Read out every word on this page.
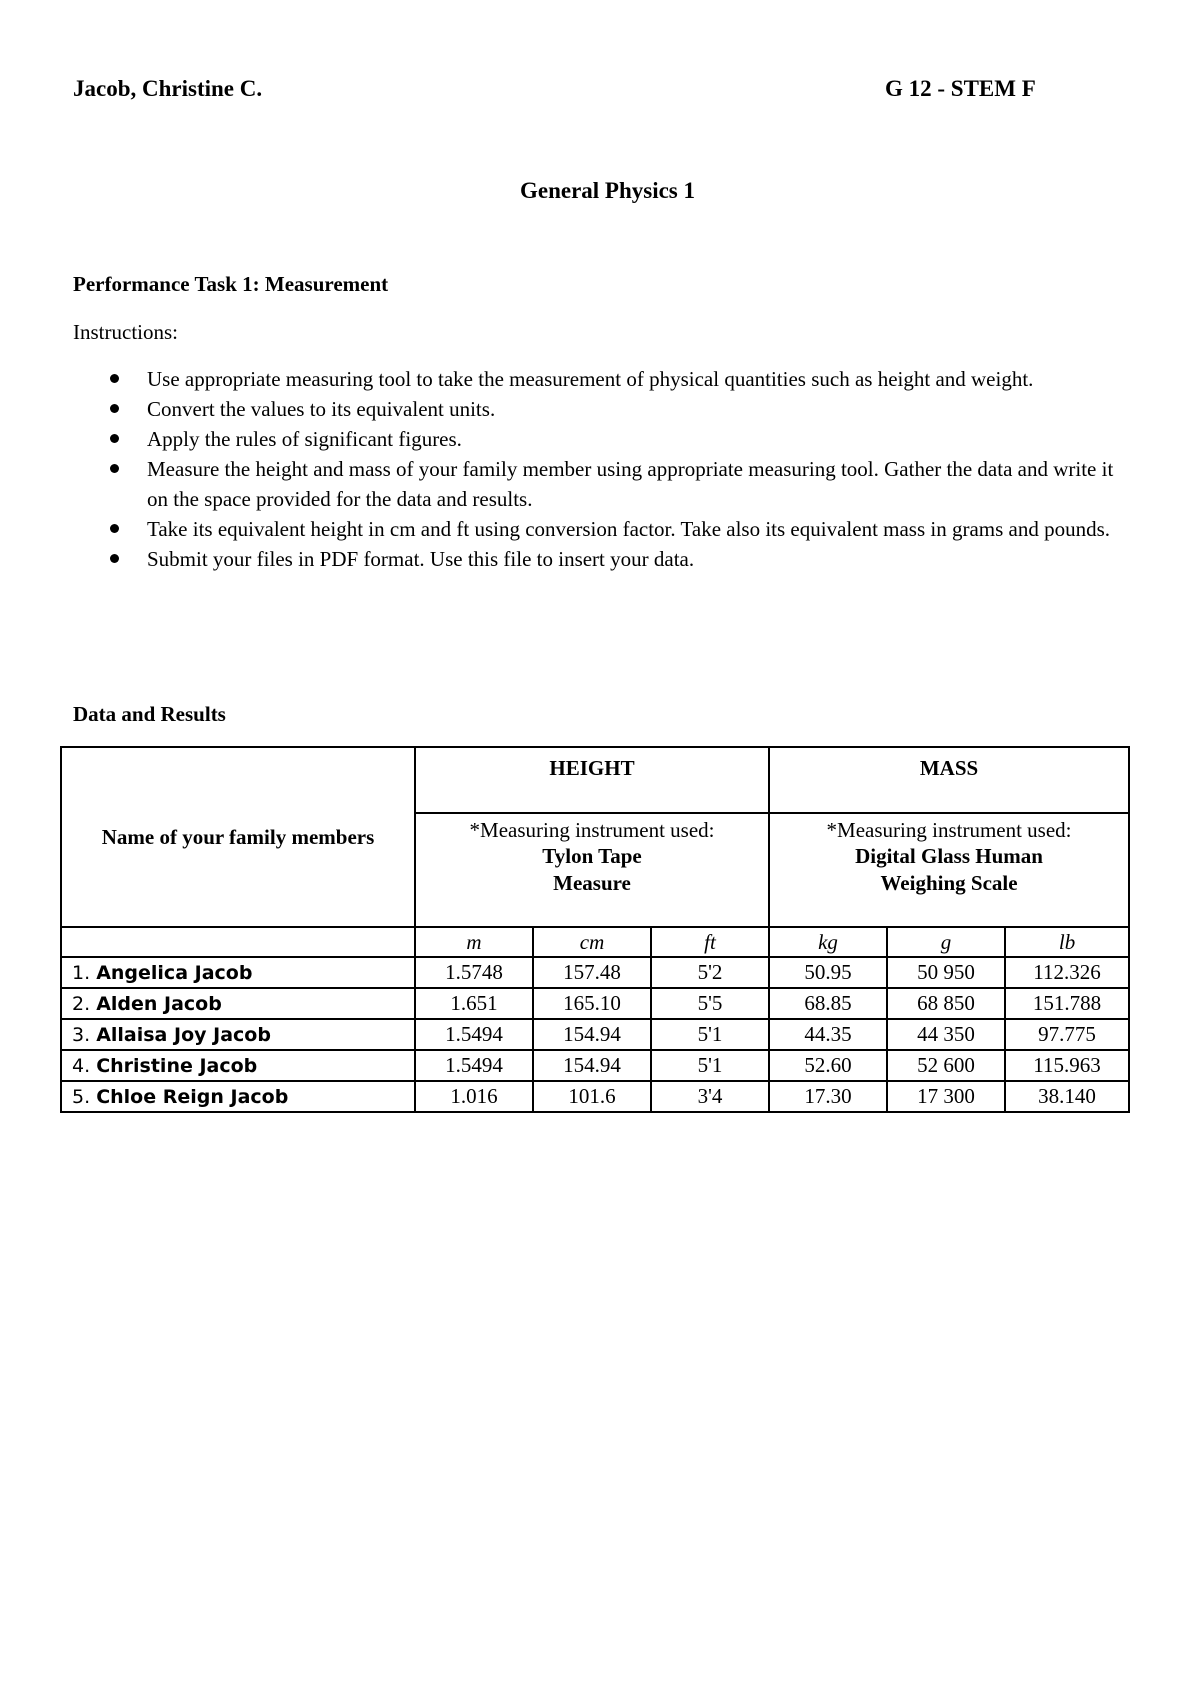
Jacob, Christine C.	G 12 - STEM F
General Physics 1
Performance Task 1: Measurement
Instructions:
Use appropriate measuring tool to take the measurement of physical quantities such as height and weight.
Convert the values to its equivalent units.
Apply the rules of significant figures.
Measure the height and mass of your family member using appropriate measuring tool. Gather the data and write it on the space provided for the data and results.
Take its equivalent height in cm and ft using conversion factor. Take also its equivalent mass in grams and pounds.
Submit your files in PDF format. Use this file to insert your data.
Data and Results
Name of your family members	HEIGHT			MASS		

	*Measuring instrument used:
Tylon Tape
Measure			*Measuring instrument used:
Digital Glass Human
Weighing Scale		

	m	cm	ft	kg	g	lb
1. Angelica Jacob	1.5748	157.48	5'2	50.95	50 950	112.326
2. Alden Jacob	1.651	165.10	5'5	68.85	68 850	151.788
3. Allaisa Joy Jacob	1.5494	154.94	5'1	44.35	44 350	97.775
4. Christine Jacob	1.5494	154.94	5'1	52.60	52 600	115.963
5. Chloe Reign Jacob	1.016	101.6	3'4	17.30	17 300	38.140
